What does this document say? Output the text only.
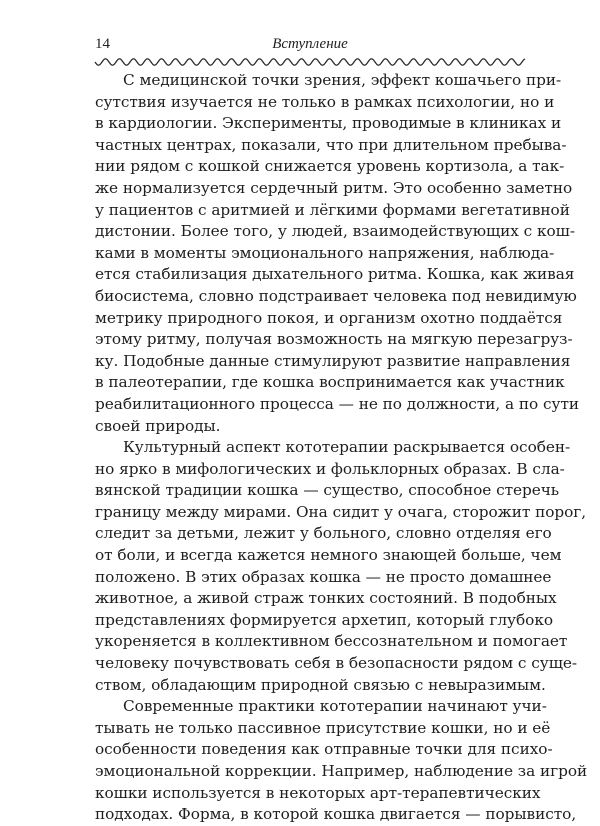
14	Вступление
С медицинской точки зрения, эффект кошачьего при-
сутствия изучается не только в рамках психологии, но и
в кардиологии. Эксперименты, проводимые в клиниках и
частных центрах, показали, что при длительном пребыва-
нии рядом с кошкой снижается уровень кортизола, а так-
же нормализуется сердечный ритм. Это особенно заметно
у пациентов с аритмией и лёгкими формами вегетативной
дистонии. Более того, у людей, взаимодействующих с кош-
ками в моменты эмоционального напряжения, наблюда-
ется стабилизация дыхательного ритма. Кошка, как живая
биосистема, словно подстраивает человека под невидимую
метрику природного покоя, и организм охотно поддаётся
этому ритму, получая возможность на мягкую перезагруз-
ку. Подобные данные стимулируют развитие направления
в палеотерапии, где кошка воспринимается как участник
реабилитационного процесса — не по должности, а по сути
своей природы.
Культурный аспект кототерапии раскрывается особен-
но ярко в мифологических и фольклорных образах. В сла-
вянской традиции кошка — существо, способное стеречь
границу между мирами. Она сидит у очага, сторожит порог,
следит за детьми, лежит у больного, словно отделяя его
от боли, и всегда кажется немного знающей больше, чем
положено. В этих образах кошка — не просто домашнее
животное, а живой страж тонких состояний. В подобных
представлениях формируется архетип, который глубоко
укореняется в коллективном бессознательном и помогает
человеку почувствовать себя в безопасности рядом с суще-
ством, обладающим природной связью с невыразимым.
Современные практики кототерапии начинают учи-
тывать не только пассивное присутствие кошки, но и её
особенности поведения как отправные точки для психо-
эмоциональной коррекции. Например, наблюдение за игрой
кошки используется в некоторых арт-терапевтических
подходах. Форма, в которой кошка двигается — порывисто,
